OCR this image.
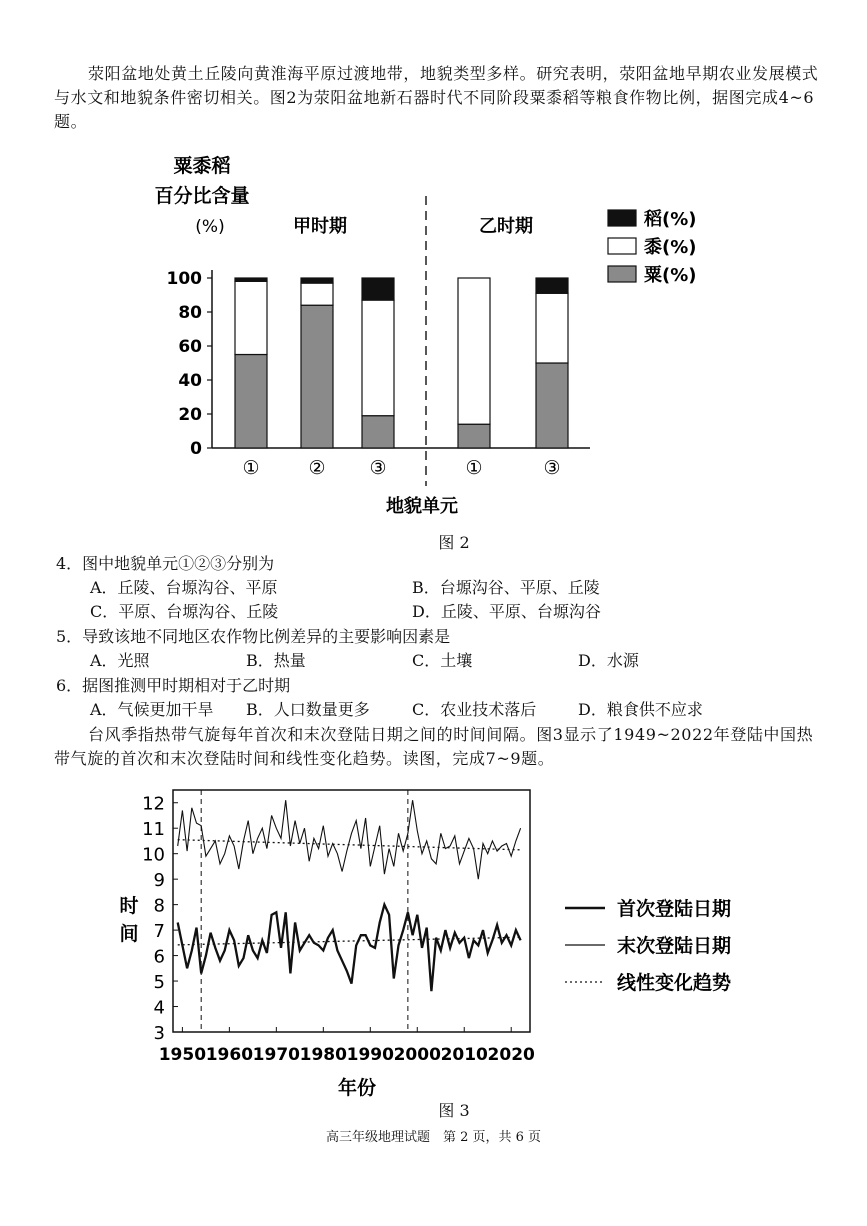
荥阳盆地处黄土丘陵向黄淮海平原过渡地带，地貌类型多样。研究表明，荥阳盆地早期农业发展模式与水文和地貌条件密切相关。图2为荥阳盆地新石器时代不同阶段粟黍稻等粮食作物比例，据图完成4~6题。

粟黍稻
百分比含量
(%)	甲时期	乙时期
0
20
40
60
80
100
①	② ③	①	③
稻(%)
黍(%)
粟(%)
地貌单元
图 2
4．图中地貌单元①②③分别为
A．丘陵、台塬沟谷、平原	B．台塬沟谷、平原、丘陵
C．平原、台塬沟谷、丘陵	D．丘陵、平原、台塬沟谷
5．导致该地不同地区农作物比例差异的主要影响因素是
A．光照	B．热量	C．土壤	D．水源
6．据图推测甲时期相对于乙时期
A．气候更加干旱 B．人口数量更多	C．农业技术落后	D．粮食供不应求

台风季指热带气旋每年首次和末次登陆日期之间的时间间隔。图3显示了1949~2022年登陆中国热带气旋的首次和末次登陆时间和线性变化趋势。读图，完成7~9题。

时
间
3
4
5
6
7
8
9
10
11
12
1950 1960 1970 1980 1990 2000 2010 2020
首次登陆日期
末次登陆日期
线性变化趋势
年份
图 3
高三年级地理试题　第 2 页，共 6 页
